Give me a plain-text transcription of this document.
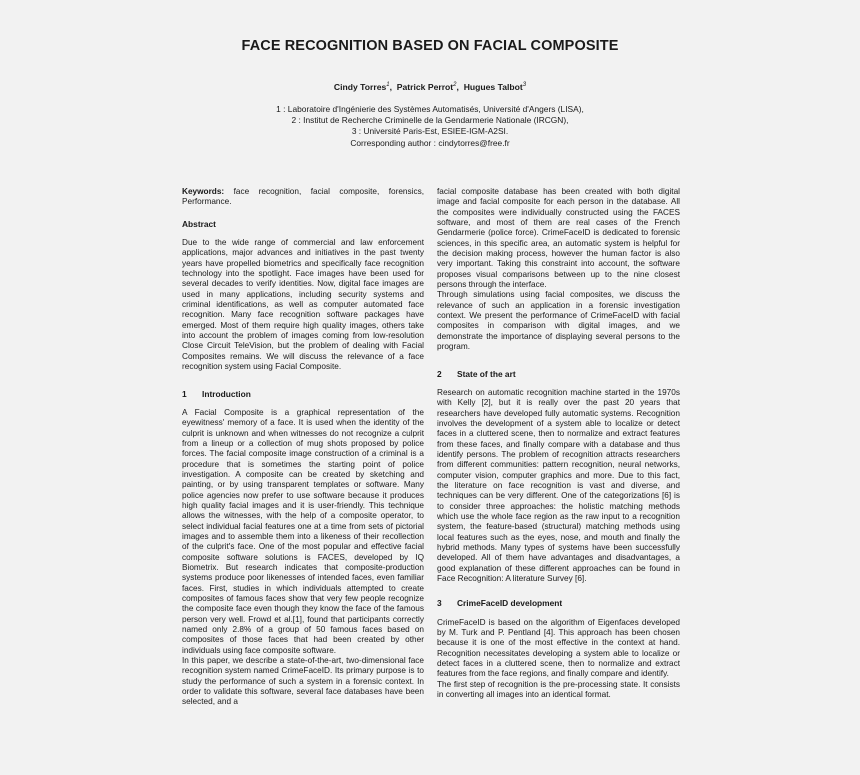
FACE RECOGNITION BASED ON FACIAL COMPOSITE
Cindy Torres$^1$,  Patrick Perrot$^2$,  Hugues Talbot$^3$
1 : Laboratoire d'Ingénierie des Systèmes Automatisés, Université d'Angers (LISA),
2 : Institut de Recherche Criminelle de la Gendarmerie Nationale (IRCGN),
3 : Université Paris-Est, ESIEE-IGM-A2SI.
Corresponding author : cindytorres@free.fr

Keywords: face recognition, facial composite, forensics, Performance.

Abstract

Due to the wide range of commercial and law enforcement applications, major advances and initiatives in the past twenty years have propelled biometrics and specifically face recognition technology into the spotlight. Face images have been used for several decades to verify identities. Now, digital face images are used in many applications, including security systems and criminal identifications, as well as computer automated face recognition. Many face recognition software packages have emerged. Most of them require high quality images, others take into account the problem of images coming from low-resolution Close Circuit TeleVision, but the problem of dealing with Facial Composites remains. We will discuss the relevance of a face recognition system using Facial Composite.

1 Introduction

A Facial Composite is a graphical representation of the eyewitness' memory of a face. It is used when the identity of the culprit is unknown and when witnesses do not recognize a culprit from a lineup or a collection of mug shots proposed by police forces. The facial composite image construction of a criminal is a procedure that is sometimes the starting point of police investigation. A composite can be created by sketching and painting, or by using transparent templates or software. Many police agencies now prefer to use software because it produces high quality facial images and it is user-friendly. This technique allows the witnesses, with the help of a composite operator, to select individual facial features one at a time from sets of pictorial images and to assemble them into a likeness of their recollection of the culprit's face. One of the most popular and effective facial composite software solutions is FACES, developed by IQ Biometrix. But research indicates that composite-production systems produce poor likenesses of intended faces, even familiar faces. First, studies in which individuals attempted to create composites of famous faces show that very few people recognize the composite face even though they know the face of the famous person very well. Frowd et al.[1], found that participants correctly named only 2.8% of a group of 50 famous faces based on composites of those faces that had been created by other individuals using face composite software.

In this paper, we describe a state-of-the-art, two-dimensional face recognition system named CrimeFaceID. Its primary purpose is to study the performance of such a system in a forensic context. In order to validate this software, several face databases have been selected, and a

facial composite database has been created with both digital image and facial composite for each person in the database. All the composites were individually constructed using the FACES software, and most of them are real cases of the French Gendarmerie (police force). CrimeFaceID is dedicated to forensic sciences, in this specific area, an automatic system is helpful for the decision making process, however the human factor is also very important. Taking this constraint into account, the software proposes visual comparisons between up to the nine closest persons through the interface.

Through simulations using facial composites, we discuss the relevance of such an application in a forensic investigation context. We present the performance of CrimeFaceID with facial composites in comparison with digital images, and we demonstrate the importance of displaying several persons to the program.

2 State of the art

Research on automatic recognition machine started in the 1970s with Kelly [2], but it is really over the past 20 years that researchers have developed fully automatic systems. Recognition involves the development of a system able to localize or detect faces in a cluttered scene, then to normalize and extract features from these faces, and finally compare with a database and thus identify persons. The problem of recognition attracts researchers from different communities: pattern recognition, neural networks, computer vision, computer graphics and more. Due to this fact, the literature on face recognition is vast and diverse, and techniques can be very different. One of the categorizations [6] is to consider three approaches: the holistic matching methods which use the whole face region as the raw input to a recognition system, the feature-based (structural) matching methods using local features such as the eyes, nose, and mouth and finally the hybrid methods. Many types of systems have been successfully developed. All of them have advantages and disadvantages, a good explanation of these different approaches can be found in Face Recognition: A literature Survey [6].

3 CrimeFaceID development

CrimeFaceID is based on the algorithm of Eigenfaces developed by M. Turk and P. Pentland [4]. This approach has been chosen because it is one of the most effective in the context at hand. Recognition necessitates developing a system able to localize or detect faces in a cluttered scene, then to normalize and extract features from the face regions, and finally compare and identify.

The first step of recognition is the pre-processing state. It consists in converting all images into an identical format.
